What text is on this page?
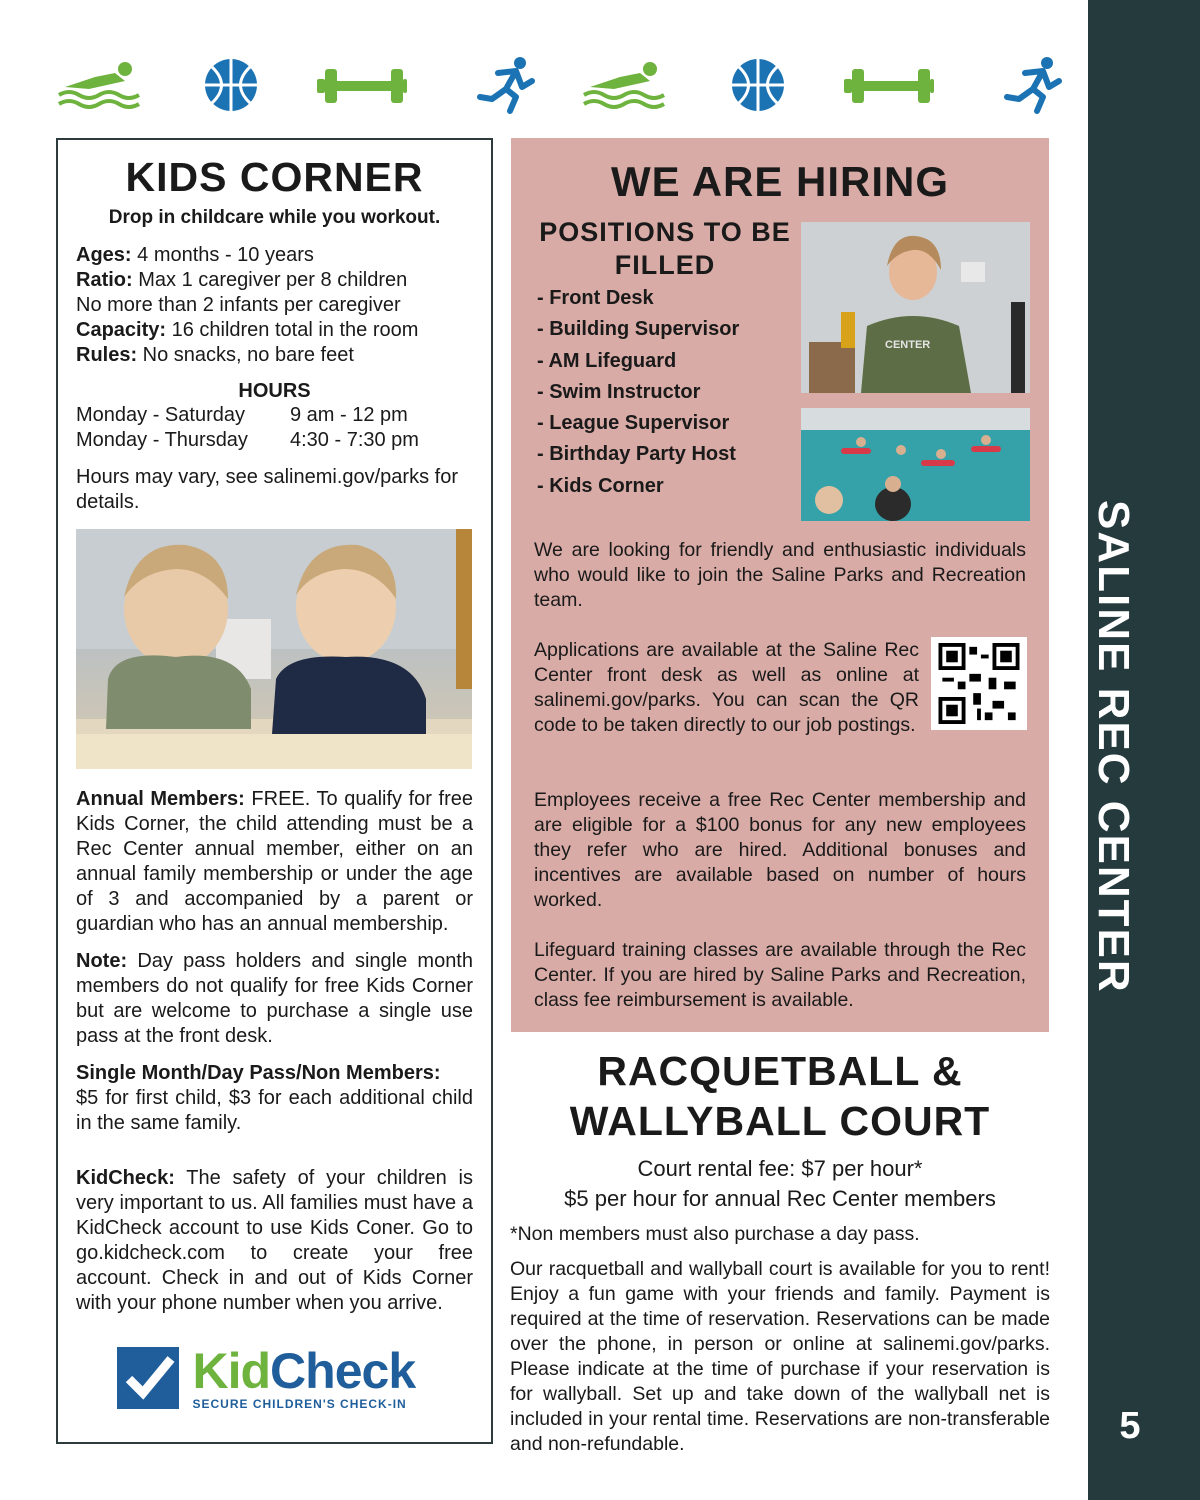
SALINE REC CENTER
5
KIDS CORNER
Drop in childcare while you workout.
Ages: 4 months - 10 years
Ratio: Max 1 caregiver per 8 children
No more than 2 infants per caregiver
Capacity: 16 children total in the room
Rules: No snacks, no bare feet
HOURS
Monday - Saturday	9 am - 12 pm
Monday - Thursday	4:30 - 7:30 pm

Hours may vary, see salinemi.gov/parks for details.

Annual Members: FREE. To qualify for free Kids Corner, the child attending must be a Rec Center annual member, either on an annual family membership or under the age of 3 and accompanied by a parent or guardian who has an annual membership.

Note: Day pass holders and single month members do not qualify for free Kids Corner but are welcome to purchase a single use pass at the front desk.

Single Month/Day Pass/Non Members:
$5 for first child, $3 for each additional child in the same family.

KidCheck: The safety of your children is very important to us. All families must have a KidCheck account to use Kids Coner. Go to go.kidcheck.com to create your free account. Check in and out of Kids Corner with your phone number when you arrive.

KidCheck
SECURE CHILDREN'S CHECK-IN
WE ARE HIRING
POSITIONS TO BE FILLED
- Front Desk
- Building Supervisor
- AM Lifeguard
- Swim Instructor
- League Supervisor
- Birthday Party Host
- Kids Corner
CENTER

We are looking for friendly and enthusiastic individuals who would like to join the Saline Parks and Recreation team.

Applications are available at the Saline Rec Center front desk as well as online at salinemi.gov/parks. You can scan the QR code to be taken directly to our job postings.

Employees receive a free Rec Center membership and are eligible for a $100 bonus for any new employees they refer who are hired. Additional bonuses and incentives are available based on number of hours worked.

Lifeguard training classes are available through the Rec Center. If you are hired by Saline Parks and Recreation, class fee reimbursement is available.

RACQUETBALL &
WALLYBALL COURT
Court rental fee: $7 per hour*
$5 per hour for annual Rec Center members
*Non members must also purchase a day pass.

Our racquetball and wallyball court is available for you to rent! Enjoy a fun game with your friends and family. Payment is required at the time of reservation. Reservations can be made over the phone, in person or online at salinemi.gov/parks. Please indicate at the time of purchase if your reservation is for wallyball. Set up and take down of the wallyball net is included in your rental time. Reservations are non-transferable and non-refundable.
